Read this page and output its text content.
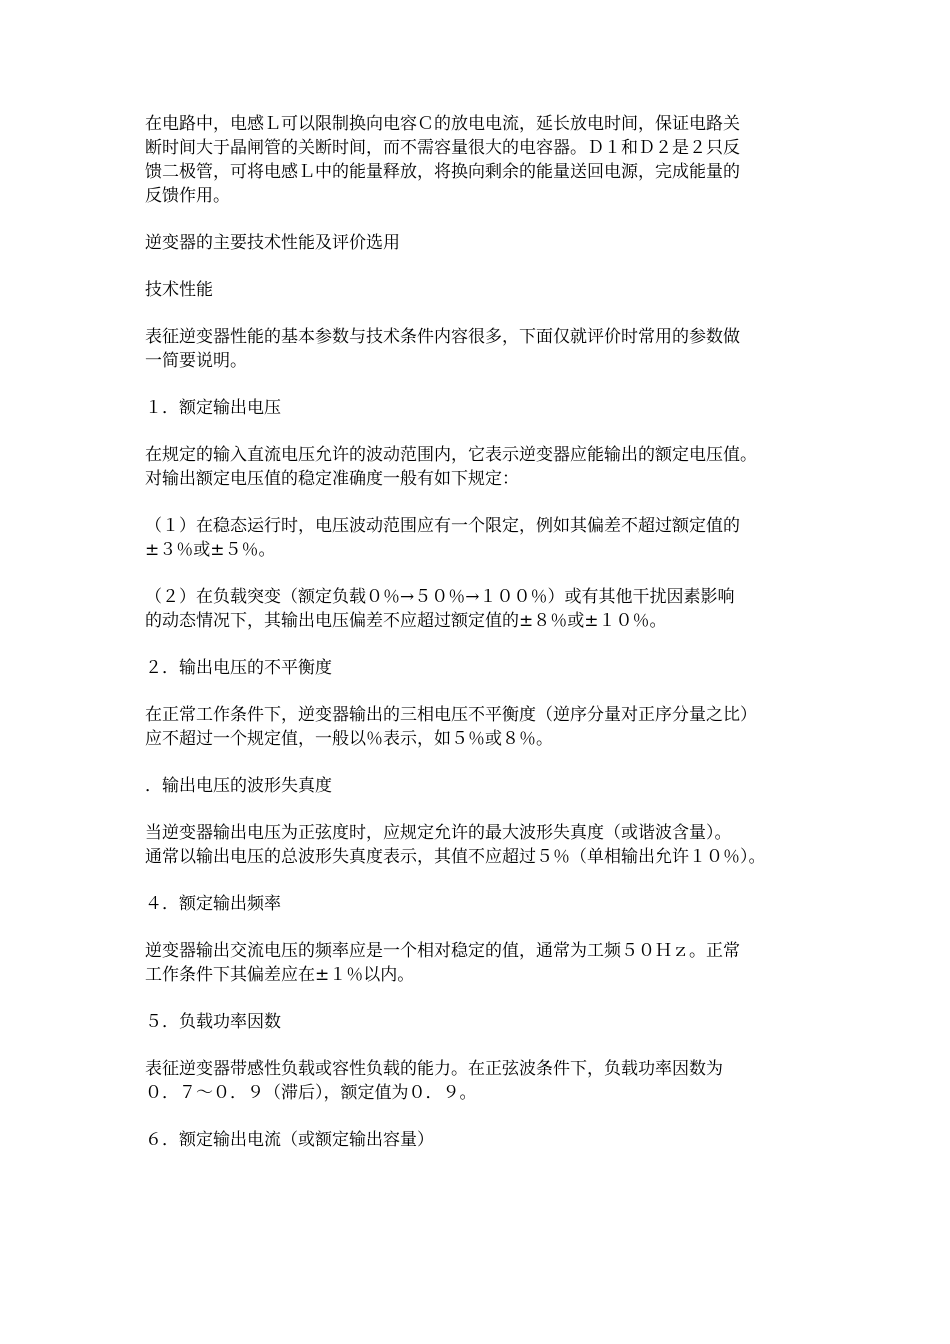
在电路中，电感Ｌ可以限制换向电容Ｃ的放电电流，延长放电时间，保证电路关
断时间大于晶闸管的关断时间，而不需容量很大的电容器。Ｄ１和Ｄ２是２只反
馈二极管，可将电感Ｌ中的能量释放，将换向剩余的能量送回电源，完成能量的
反馈作用。

逆变器的主要技术性能及评价选用

技术性能

表征逆变器性能的基本参数与技术条件内容很多，下面仅就评价时常用的参数做
一简要说明。

１．额定输出电压

在规定的输入直流电压允许的波动范围内，它表示逆变器应能输出的额定电压值。
对输出额定电压值的稳定准确度一般有如下规定：

（１）在稳态运行时，电压波动范围应有一个限定，例如其偏差不超过额定值的
±３％或±５％。

（２）在负载突变（额定负载０％→５０％→１００％）或有其他干扰因素影响
的动态情况下，其输出电压偏差不应超过额定值的±８％或±１０％。

２．输出电压的不平衡度

在正常工作条件下，逆变器输出的三相电压不平衡度（逆序分量对正序分量之比）
应不超过一个规定值，一般以％表示，如５％或８％。

．输出电压的波形失真度

当逆变器输出电压为正弦度时，应规定允许的最大波形失真度（或谐波含量）。
通常以输出电压的总波形失真度表示，其值不应超过５％（单相输出允许１０％）。

４．额定输出频率

逆变器输出交流电压的频率应是一个相对稳定的值，通常为工频５０Ｈｚ。正常
工作条件下其偏差应在±１％以内。

５．负载功率因数

表征逆变器带感性负载或容性负载的能力。在正弦波条件下，负载功率因数为
０．７～０．９（滞后），额定值为０．９。

６．额定输出电流（或额定输出容量）
